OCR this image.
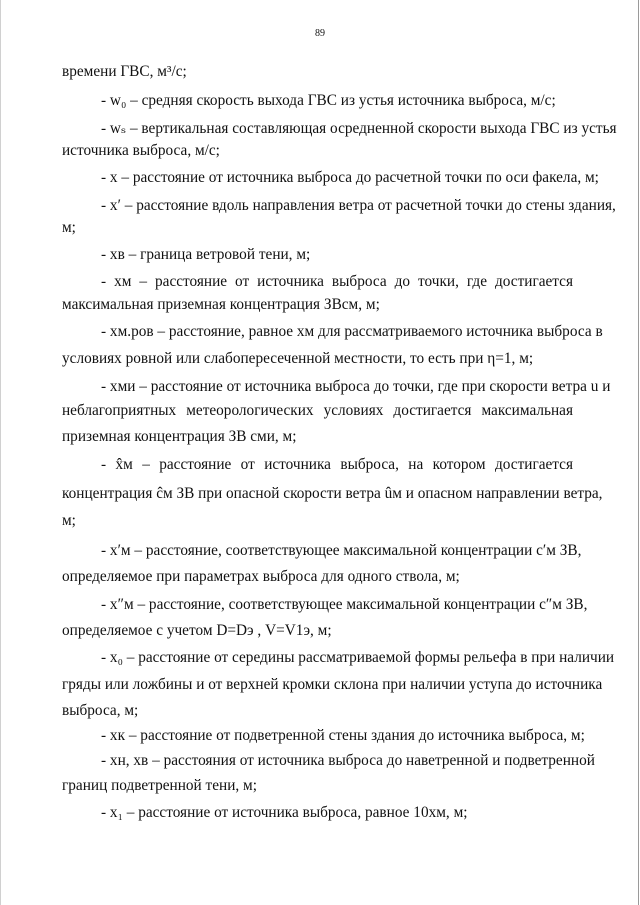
89
времени ГВС, м³/с;
- w₀ – средняя скорость выхода ГВС из устья источника выброса, м/с;
- wₛ – вертикальная составляющая осредненной скорости выхода ГВС из устья
источника выброса, м/с;
- x – расстояние от источника выброса до расчетной точки по оси факела, м;
- x′ – расстояние вдоль направления ветра от расчетной точки до стены здания,
м;
- xв – граница ветровой тени, м;
- xм – расстояние от источника выброса до точки, где достигается
максимальная приземная концентрация ЗВcм, м;
- xм.ров – расстояние, равное xм для рассматриваемого источника выброса в
условиях ровной или слабопересеченной местности, то есть при η=1, м;
- xми – расстояние от источника выброса до точки, где при скорости ветра u и
неблагоприятных метеорологических условиях достигается максимальная
приземная концентрация ЗВ cми, м;
- x̂м – расстояние от источника выброса, на котором достигается
концентрация ĉм ЗВ при опасной скорости ветра ûм и опасном направлении ветра,
м;
- x′м – расстояние, соответствующее максимальной концентрации c′м ЗВ,
определяемое при параметрах выброса для одного ствола, м;
- x″м – расстояние, соответствующее максимальной концентрации c″м ЗВ,
определяемое с учетом D=Dэ , V=V1э, м;
- x₀ – расстояние от середины рассматриваемой формы рельефа в при наличии
гряды или ложбины и от верхней кромки склона при наличии уступа до источника
выброса, м;
- xк – расстояние от подветренной стены здания до источника выброса, м;
- xн, xв – расстояния от источника выброса до наветренной и подветренной
границ подветренной тени, м;
- x₁ – расстояние от источника выброса, равное 10xм, м;
